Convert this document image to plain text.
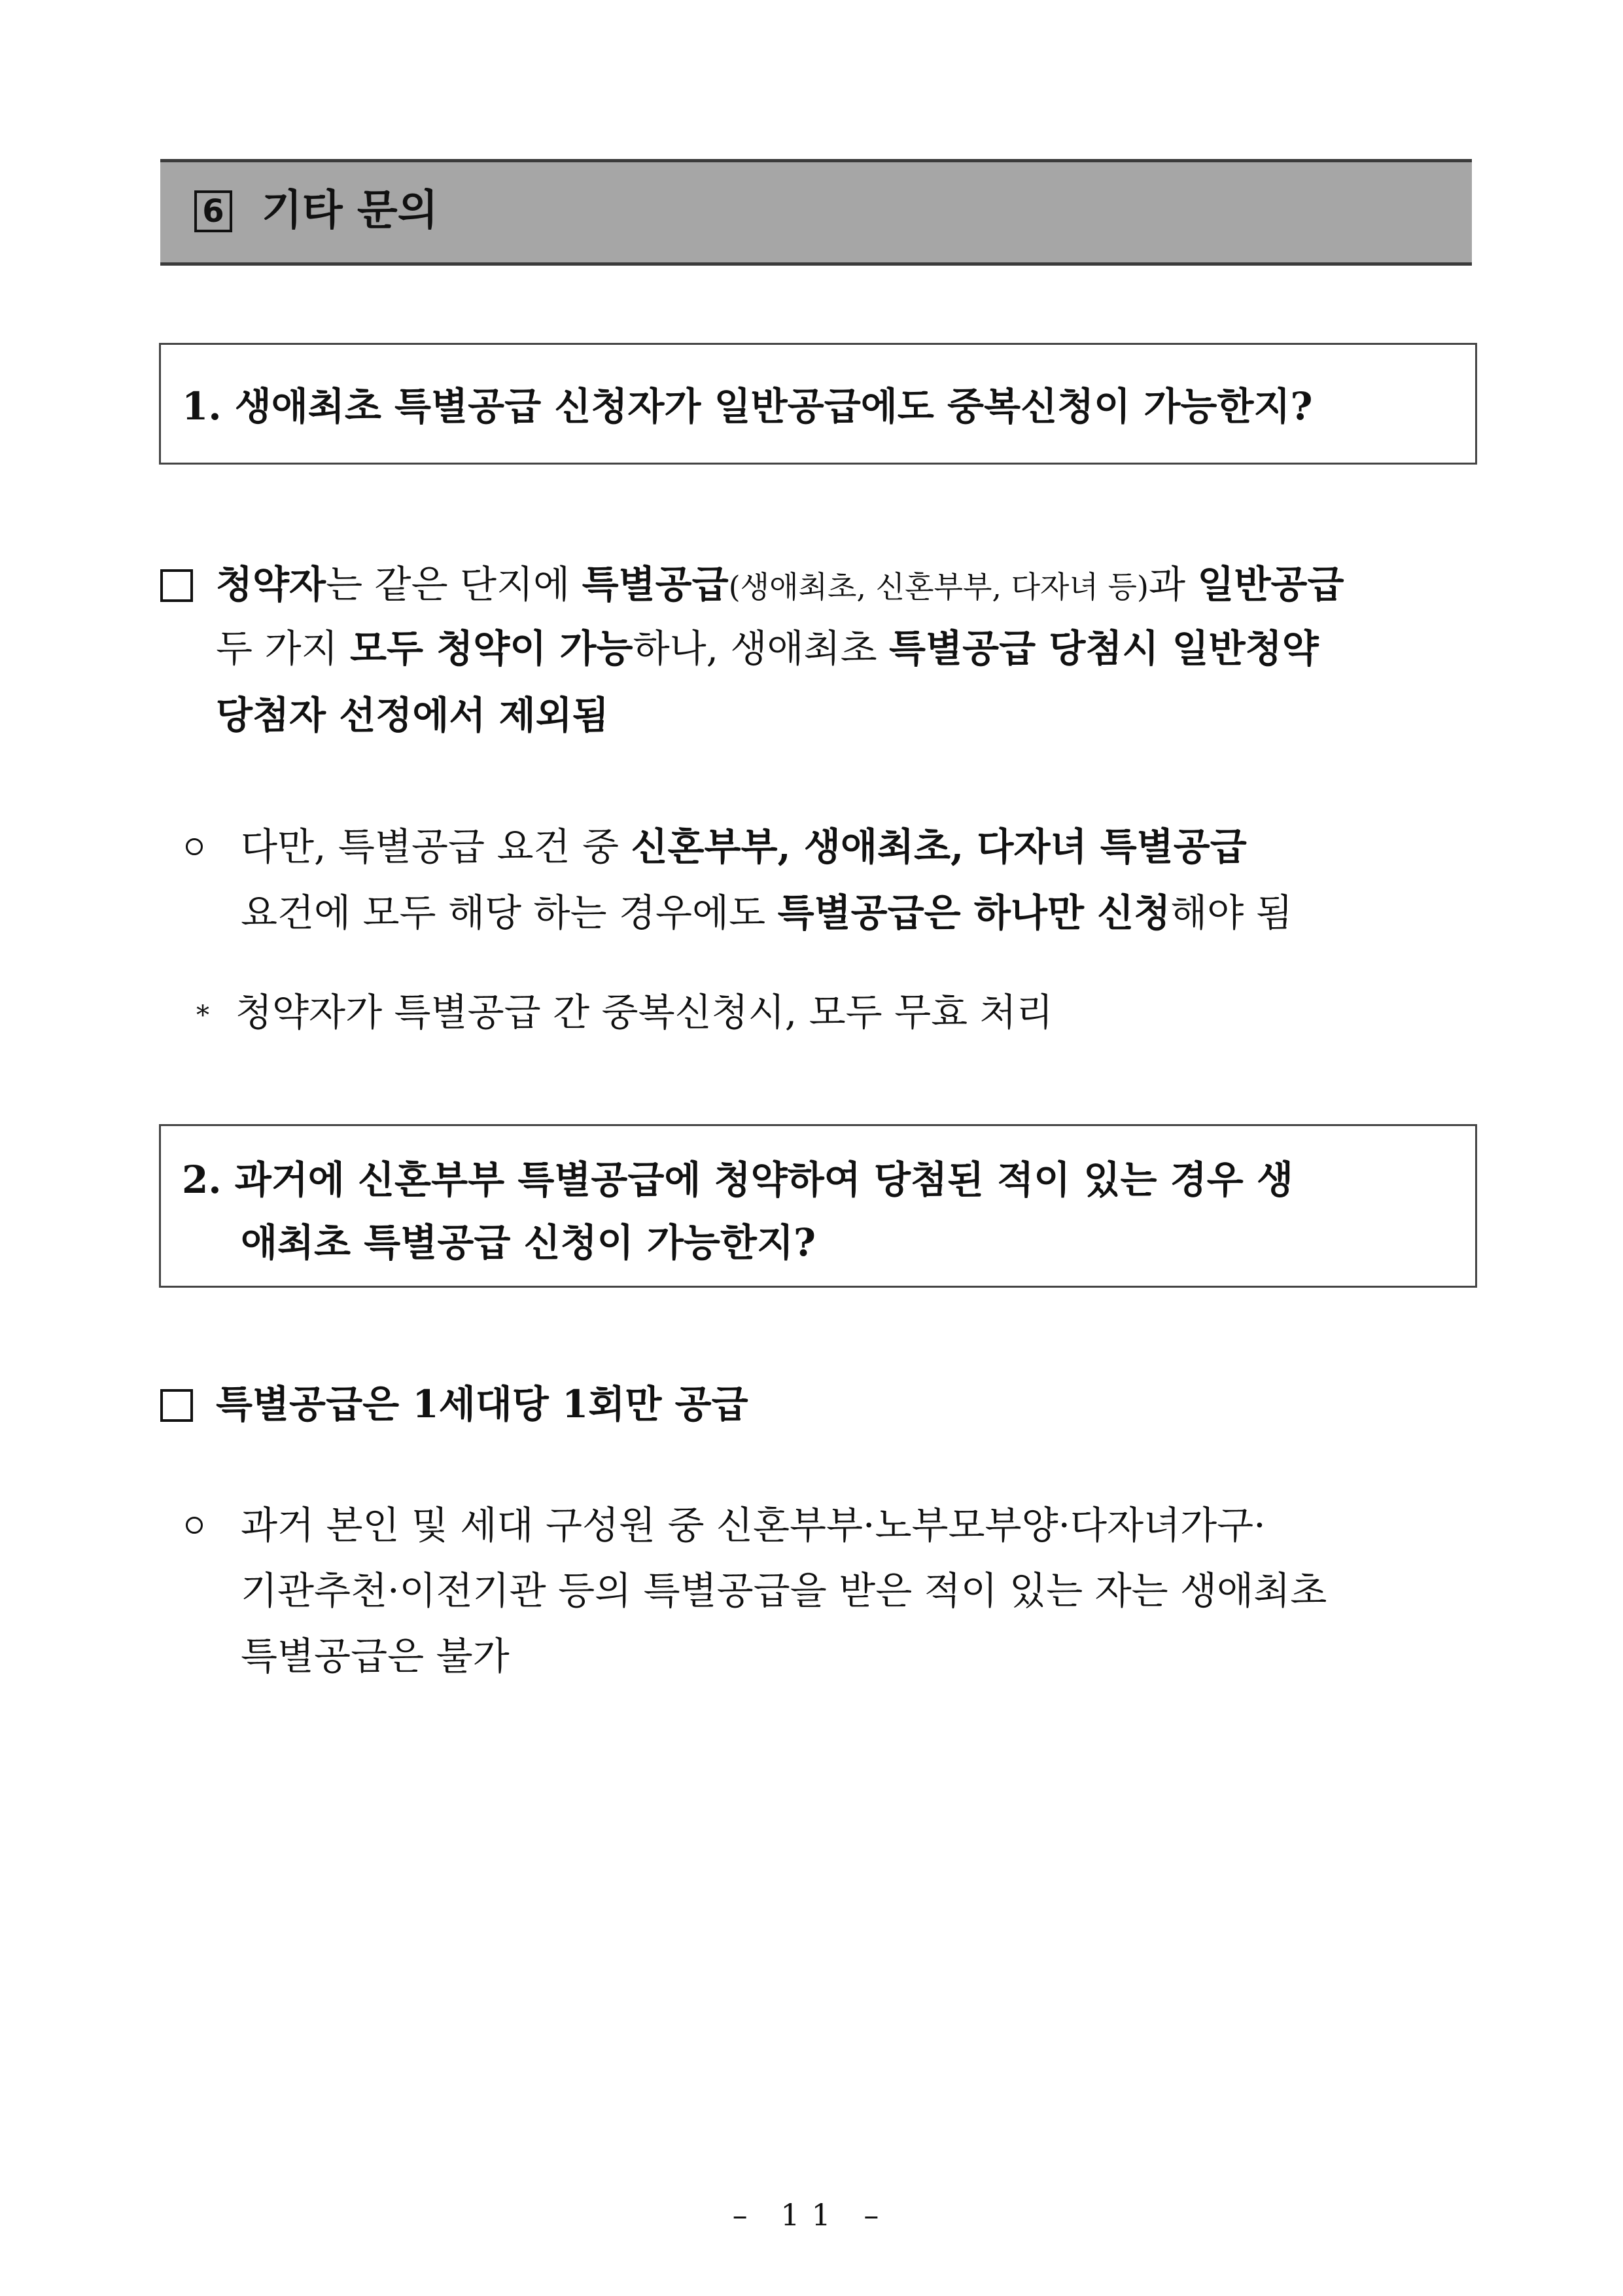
6 기타 문의
1. 생애최초 특별공급 신청자가 일반공급에도 중복신청이 가능한지?
청약자는 같은 단지에 특별공급(생애최초, 신혼부부, 다자녀 등)과 일반공급
두 가지 모두 청약이 가능하나, 생애최초 특별공급 당첨시 일반청약
당첨자 선정에서 제외됨
다만, 특별공급 요건 중 신혼부부, 생애최초, 다자녀 특별공급
요건에 모두 해당 하는 경우에도 특별공급은 하나만 신청해야 됨
* 청약자가 특별공급 간 중복신청시, 모두 무효 처리
2. 과거에 신혼부부 특별공급에 청약하여 당첨된 적이 있는 경우 생
애최초 특별공급 신청이 가능한지?
특별공급은 1세대당 1회만 공급
과거 본인 및 세대 구성원 중 신혼부부·노부모부양·다자녀가구·
기관추천·이전기관 등의 특별공급을 받은 적이 있는 자는 생애최초
특별공급은 불가
– 11 –
